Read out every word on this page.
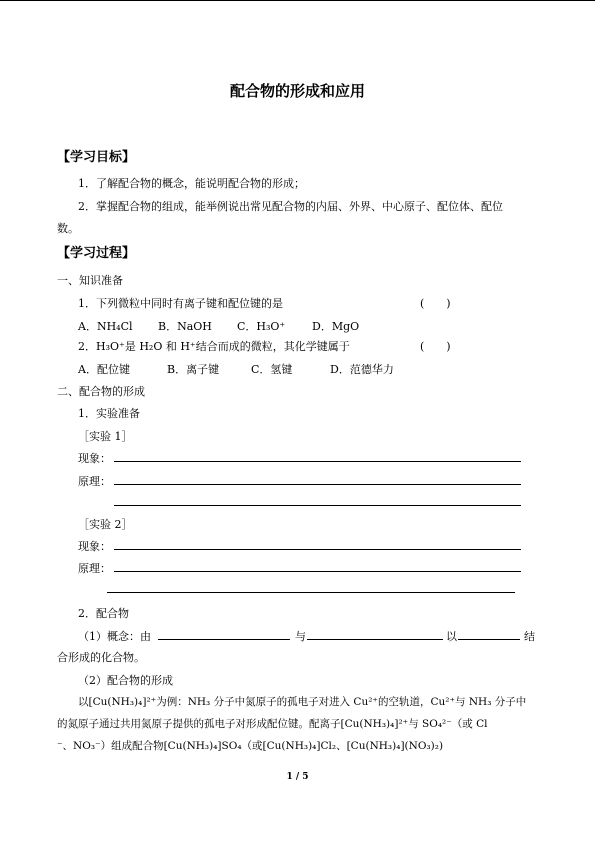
配合物的形成和应用
【学习目标】
1．了解配合物的概念，能说明配合物的形成；
2．掌握配合物的组成，能举例说出常见配合物的内届、外界、中心原子、配位体、配位
数。
【学习过程】
一、知识准备
1．下列微粒中同时有离子键和配位键的是	(　　)
A．NH₄Cl B．NaOH C．H₃O⁺ D．MgO
2．H₃O⁺是 H₂O 和 H⁺结合而成的微粒，其化学键属于	(　　)
A．配位键	B．离子键	C．氢键	D．范德华力
二、配合物的形成
1．实验准备
［实验 1］
现象：
原理：
［实验 2］
现象：
原理：
2．配合物
（1）概念：由	与	以	结
合形成的化合物。
（2）配合物的形成
以[Cu(NH₃)₄]²⁺为例：NH₃ 分子中氮原子的孤电子对进入 Cu²⁺的空轨道，Cu²⁺与 NH₃ 分子中
的氮原子通过共用氮原子提供的孤电子对形成配位键。配离子[Cu(NH₃)₄]²⁺与 SO₄²⁻（或 Cl
⁻、NO₃⁻）组成配合物[Cu(NH₃)₄]SO₄（或[Cu(NH₃)₄]Cl₂、[Cu(NH₃)₄](NO₃)₂)
1 / 5
